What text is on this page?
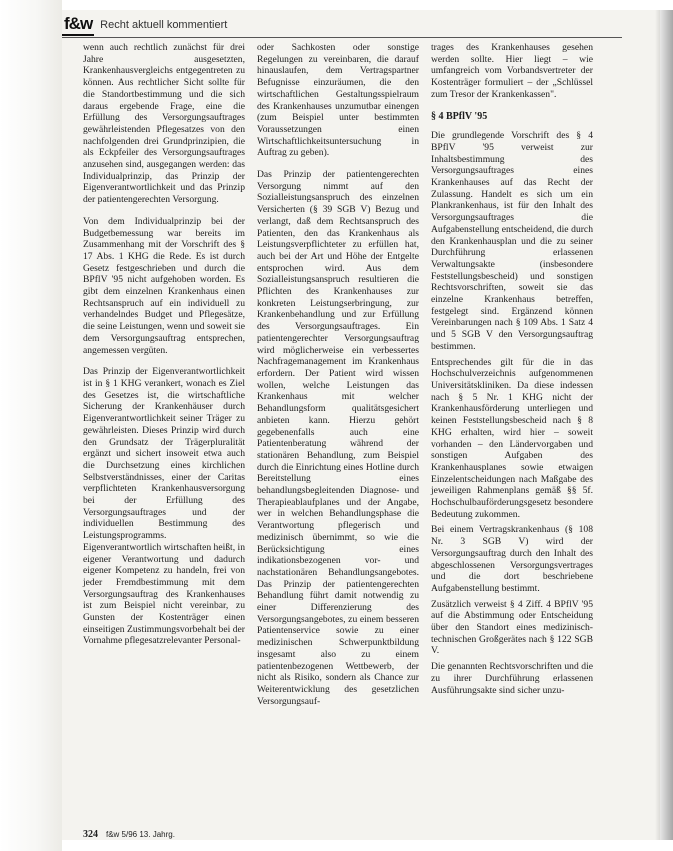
f&w Recht aktuell kommentiert

wenn auch rechtlich zunächst für drei Jahre ausgesetzten, Krankenhausvergleichs entgegentreten zu können. Aus rechtlicher Sicht sollte für die Standortbestimmung und die sich daraus ergebende Frage, eine die Erfüllung des Versorgungsauftrages gewährleistenden Pflegesatzes von den nachfolgenden drei Grundprinzipien, die als Eckpfeiler des Versorgungsauftrages anzusehen sind, ausgegangen werden: das Individualprinzip, das Prinzip der Eigenverantwortlichkeit und das Prinzip der patientengerechten Versorgung.

Von dem Individualprinzip bei der Budgetbemessung war bereits im Zusammenhang mit der Vorschrift des § 17 Abs. 1 KHG die Rede. Es ist durch Gesetz festgeschrieben und durch die BPflV '95 nicht aufgehoben worden. Es gibt dem einzelnen Krankenhaus einen Rechtsanspruch auf ein individuell zu verhandelndes Budget und Pflegesätze, die seine Leistungen, wenn und soweit sie dem Versorgungsauftrag entsprechen, angemessen vergüten.

Das Prinzip der Eigenverantwortlichkeit ist in § 1 KHG verankert, wonach es Ziel des Gesetzes ist, die wirtschaftliche Sicherung der Krankenhäuser durch Eigenverantwortlichkeit seiner Träger zu gewährleisten. Dieses Prinzip wird durch den Grundsatz der Trägerpluralität ergänzt und sichert insoweit etwa auch die Durchsetzung eines kirchlichen Selbstverständnisses, einer der Caritas verpflichteten Krankenhausversorgung bei der Erfüllung des Versorgungsauftrages und der individuellen Bestimmung des Leistungsprogramms. Eigenverantwortlich wirtschaften heißt, in eigener Verantwortung und dadurch eigener Kompetenz zu handeln, frei von jeder Fremdbestimmung mit dem Versorgungsauftrag des Krankenhauses ist zum Beispiel nicht vereinbar, zu Gunsten der Kostenträger einen einseitigen Zustimmungsvorbehalt bei der Vornahme pflegesatzrelevanter Personal-

oder Sachkosten oder sonstige Regelungen zu vereinbaren, die darauf hinauslaufen, dem Vertragspartner Befugnisse einzuräumen, die den wirtschaftlichen Gestaltungsspielraum des Krankenhauses unzumutbar einengen (zum Beispiel unter bestimmten Voraussetzungen einen Wirtschaftlichkeitsuntersuchung in Auftrag zu geben).

Das Prinzip der patientengerechten Versorgung nimmt auf den Sozialleistungsanspruch des einzelnen Versicherten (§ 39 SGB V) Bezug und verlangt, daß dem Rechtsanspruch des Patienten, den das Krankenhaus als Leistungsverpflichteter zu erfüllen hat, auch bei der Art und Höhe der Entgelte entsprochen wird. Aus dem Sozialleistungsanspruch resultieren die Pflichten des Krankenhauses zur konkreten Leistungserbringung, zur Krankenbehandlung und zur Erfüllung des Versorgungsauftrages. Ein patientengerechter Versorgungsauftrag wird möglicherweise ein verbessertes Nachfragemanagement im Krankenhaus erfordern. Der Patient wird wissen wollen, welche Leistungen das Krankenhaus mit welcher Behandlungsform qualitätsgesichert anbieten kann. Hierzu gehört gegebenenfalls auch eine Patientenberatung während der stationären Behandlung, zum Beispiel durch die Einrichtung eines Hotline durch Bereitstellung eines behandlungsbegleitenden Diagnose- und Therapieablaufplanes und der Angabe, wer in welchen Behandlungsphase die Verantwortung pflegerisch und medizinisch übernimmt, so wie die Berücksichtigung eines indikationsbezogenen vor- und nachstationären Behandlungsangebotes. Das Prinzip der patientengerechten Behandlung führt damit notwendig zu einer Differenzierung des Versorgungsangebotes, zu einem besseren Patientenservice sowie zu einer medizinischen Schwerpunktbildung insgesamt also zu einem patientenbezogenen Wettbewerb, der nicht als Risiko, sondern als Chance zur Weiterentwicklung des gesetzlichen Versorgungsauf-

trages des Krankenhauses gesehen werden sollte. Hier liegt – wie umfangreich vom Vorbandsvertreter der Kostenträger formuliert – der „Schlüssel zum Tresor der Krankenkassen".

§ 4 BPflV '95

Die grundlegende Vorschrift des § 4 BPflV '95 verweist zur Inhaltsbestimmung des Versorgungsauftrages eines Krankenhauses auf das Recht der Zulassung. Handelt es sich um ein Plankrankenhaus, ist für den Inhalt des Versorgungsauftrages die Aufgabenstellung entscheidend, die durch den Krankenhausplan und die zu seiner Durchführung erlassenen Verwaltungsakte (insbesondere Feststellungsbescheid) und sonstigen Rechtsvorschriften, soweit sie das einzelne Krankenhaus betreffen, festgelegt sind. Ergänzend können Vereinbarungen nach § 109 Abs. 1 Satz 4 und 5 SGB V den Versorgungsauftrag bestimmen.

Entsprechendes gilt für die in das Hochschulverzeichnis aufgenommenen Universitätskliniken. Da diese indessen nach § 5 Nr. 1 KHG nicht der Krankenhausförderung unterliegen und keinen Feststellungsbescheid nach § 8 KHG erhalten, wird hier – soweit vorhanden – den Ländervorgaben und sonstigen Aufgaben des Krankenhausplanes sowie etwaigen Einzelentscheidungen nach Maßgabe des jeweiligen Rahmenplans gemäß §§ 5f. Hochschulbauförderungsgesetz besondere Bedeutung zukommen.

Bei einem Vertragskrankenhaus (§ 108 Nr. 3 SGB V) wird der Versorgungsauftrag durch den Inhalt des abgeschlossenen Versorgungsvertrages und die dort beschriebene Aufgabenstellung bestimmt.

Zusätzlich verweist § 4 Ziff. 4 BPflV '95 auf die Abstimmung oder Entscheidung über den Standort eines medizinisch-technischen Großgerätes nach § 122 SGB V.

Die genannten Rechtsvorschriften und die zu ihrer Durchführung erlassenen Ausführungsakte sind sicher unzu-

324 f&w 5/96 13. Jahrg.
